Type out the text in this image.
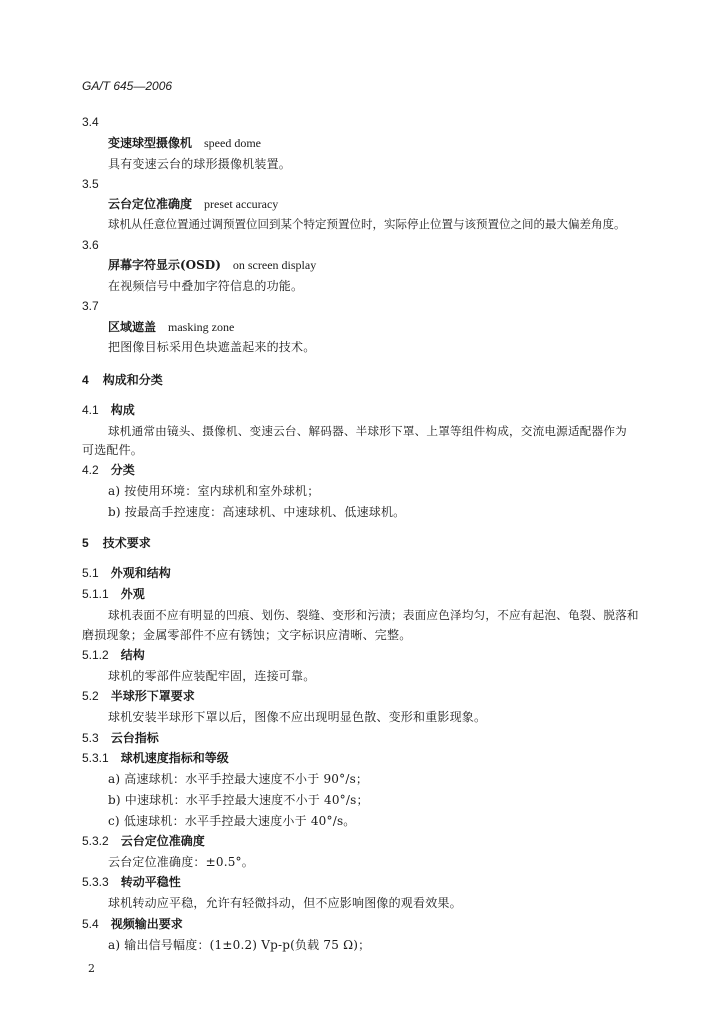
GA/T 645—2006
3.4
变速球型摄像机 speed dome
具有变速云台的球形摄像机装置。
3.5
云台定位准确度 preset accuracy
球机从任意位置通过调预置位回到某个特定预置位时，实际停止位置与该预置位之间的最大偏差角度。
3.6
屏幕字符显示(OSD) on screen display
在视频信号中叠加字符信息的功能。
3.7
区域遮盖 masking zone
把图像目标采用色块遮盖起来的技术。
4 构成和分类
4.1 构成
球机通常由镜头、摄像机、变速云台、解码器、半球形下罩、上罩等组件构成，交流电源适配器作为
可选配件。
4.2 分类
a) 按使用环境：室内球机和室外球机；
b) 按最高手控速度：高速球机、中速球机、低速球机。
5 技术要求
5.1 外观和结构
5.1.1 外观
球机表面不应有明显的凹痕、划伤、裂缝、变形和污渍；表面应色泽均匀，不应有起泡、龟裂、脱落和
磨损现象；金属零部件不应有锈蚀；文字标识应清晰、完整。
5.1.2 结构
球机的零部件应装配牢固，连接可靠。
5.2 半球形下罩要求
球机安装半球形下罩以后，图像不应出现明显色散、变形和重影现象。
5.3 云台指标
5.3.1 球机速度指标和等级
a) 高速球机：水平手控最大速度不小于 90°/s；
b) 中速球机：水平手控最大速度不小于 40°/s；
c) 低速球机：水平手控最大速度小于 40°/s。
5.3.2 云台定位准确度
云台定位准确度：±0.5°。
5.3.3 转动平稳性
球机转动应平稳，允许有轻微抖动，但不应影响图像的观看效果。
5.4 视频输出要求
a) 输出信号幅度：(1±0.2) Vp-p(负载 75 Ω)；
2
